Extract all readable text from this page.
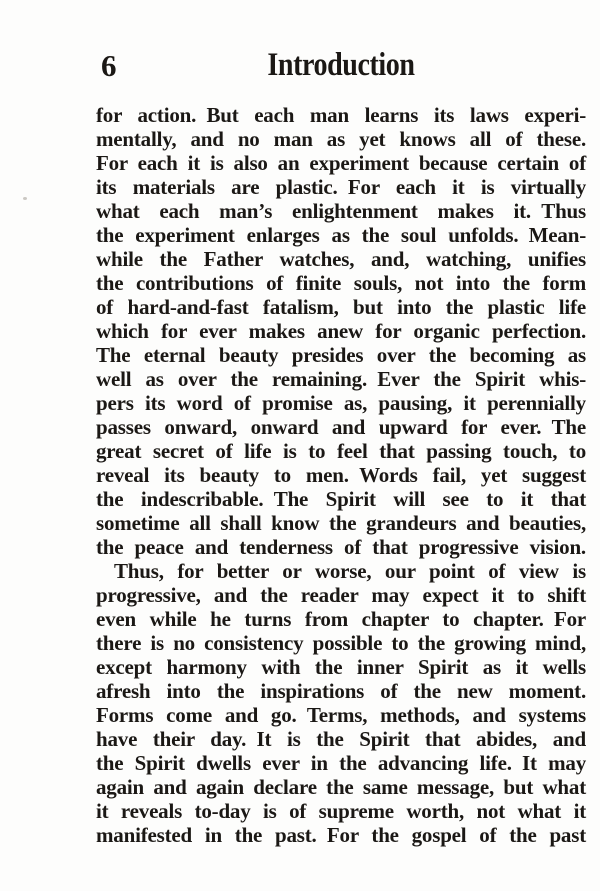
6	Introduction
for action. But each man learns its laws experi-
mentally, and no man as yet knows all of these.
For each it is also an experiment because certain of
its materials are plastic. For each it is virtually
what each man’s enlightenment makes it. Thus
the experiment enlarges as the soul unfolds. Mean-
while the Father watches, and, watching, unifies
the contributions of finite souls, not into the form
of hard-and-fast fatalism, but into the plastic life
which for ever makes anew for organic perfection.
The eternal beauty presides over the becoming as
well as over the remaining. Ever the Spirit whis-
pers its word of promise as, pausing, it perennially
passes onward, onward and upward for ever. The
great secret of life is to feel that passing touch, to
reveal its beauty to men. Words fail, yet suggest
the indescribable. The Spirit will see to it that
sometime all shall know the grandeurs and beauties,
the peace and tenderness of that progressive vision.
Thus, for better or worse, our point of view is
progressive, and the reader may expect it to shift
even while he turns from chapter to chapter. For
there is no consistency possible to the growing mind,
except harmony with the inner Spirit as it wells
afresh into the inspirations of the new moment.
Forms come and go. Terms, methods, and systems
have their day. It is the Spirit that abides, and
the Spirit dwells ever in the advancing life. It may
again and again declare the same message, but what
it reveals to-day is of supreme worth, not what it
manifested in the past. For the gospel of the past
